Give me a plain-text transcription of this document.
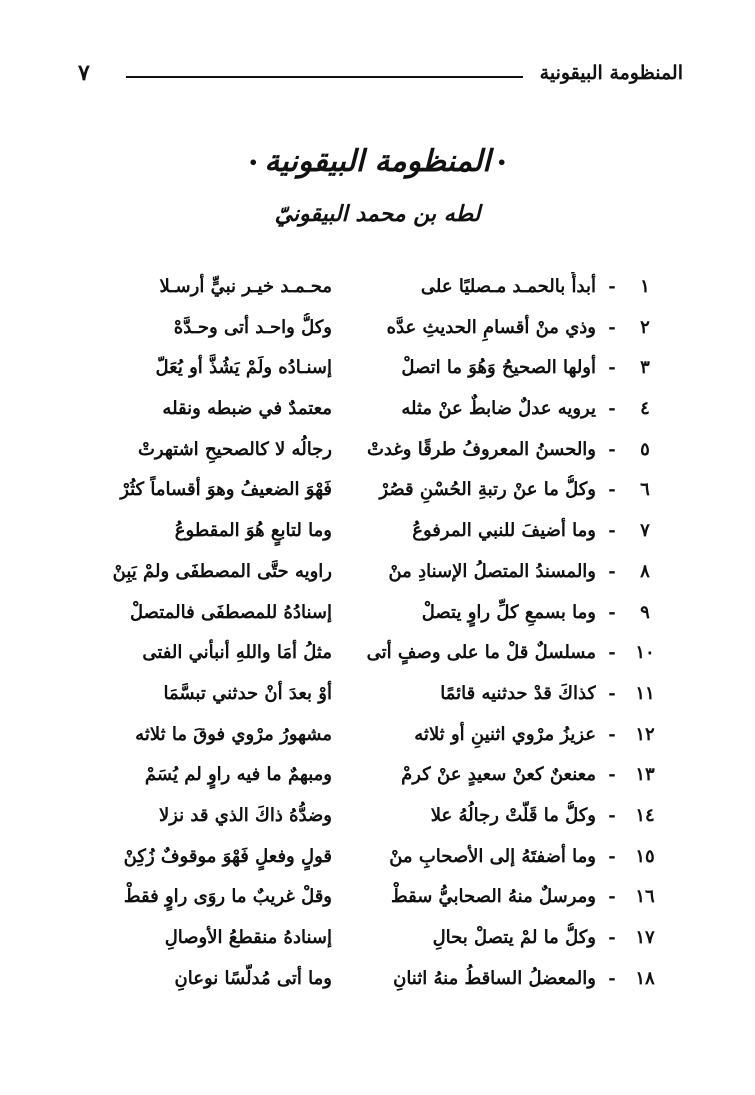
المنظومة البيقونية
٧
•المنظومة البيقونية•
لطه بن محمد البيقونيّ
١
-
أبدأُ بالحمـد مـصليًا على
محـمـد خيـر نبيٍّ أرسـلا
٢
-
وذي منْ أقسامِ الحديثِ عدَّه
وكلُّ واحـد أتى وحـدَّهْ
٣
-
أولها الصحيحُ وَهُوَ ما اتصلْ
إسنـادُه ولَمْ يَشُذَّ أو يُعَلّ
٤
-
يرويه عدلٌ ضابطٌ عنْ مثله
معتمدٌ في ضبطه ونقله
٥
-
والحسنُ المعروفُ طرقًا وغدتْ
رجالُه لا كالصحيحِ اشتهرتْ
٦
-
وكلُّ ما عنْ رتبةِ الحُسْنِ قصُرْ
فَهْوَ الضعيفُ وهوَ أقساماً كثُرْ
٧
-
وما أضيفَ للنبي المرفوعُ
وما لتابعٍ هُوَ المقطوعُ
٨
-
والمسندُ المتصلُ الإسنادِ منْ
راويه حتَّى المصطفَى ولمْ يَبِنْ
٩
-
وما بسمعِ كلِّ راوٍ يتصلْ
إسنادُهُ للمصطفَى فالمتصلْ
١٠
-
مسلسلٌ قلْ ما على وصفٍ أتى
مثلُ أمَا واللهِ أنبأني الفتى
١١
-
كذاكَ قدْ حدثنيه قائمًا
أوْ بعدَ أنْ حدثني تبسَّمَا
١٢
-
عزيزُ مرْوي اثنينِ أو ثلاثه
مشهورُ مرْوي فوقَ ما ثلاثه
١٣
-
معنعنٌ كعنْ سعيدٍ عنْ كرمْ
ومبهمٌ ما فيه راوٍ لم يُسَمْ
١٤
-
وكلُّ ما قَلَّتْ رجالُهُ علا
وضدُّهُ ذاكَ الذي قد نزلا
١٥
-
وما أضفتَهُ إلى الأصحابِ منْ
قولٍ وفعلٍ فَهْوَ موقوفٌ زُكِنْ
١٦
-
ومرسلٌ منهُ الصحابيُّ سقطْ
وقلْ غريبٌ ما روَى راوٍ فقطْ
١٧
-
وكلُّ ما لمْ يتصلْ بحالِ
إسنادهُ منقطعُ الأوصالِ
١٨
-
والمعضلُ الساقطُ منهُ اثنانِ
وما أتى مُدلَّسًا نوعانِ
